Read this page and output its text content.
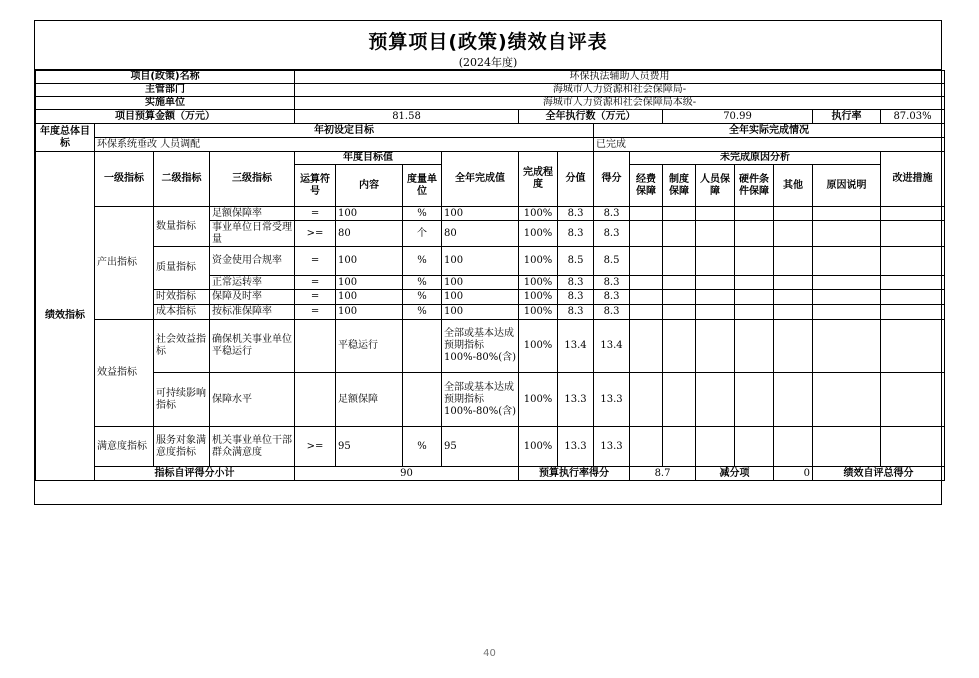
预算项目(政策)绩效自评表
(2024年度)
项目(政策)名称				环保执法辅助人员费用														
主管部门				海城市人力资源和社会保障局-														
实施单位				海城市人力资源和社会保障局本级-														
项目预算金额（万元）				81.58				全年执行数（万元）				70.99				执行率	87.03%	
年度总体目标	年初设定目标									全年实际完成情况								
	环保系统垂改 人员调配									已完成								
绩效指标	一级指标	二级指标	三级指标	年度目标值			全年完成值	完成程度	分值	得分	未完成原因分析						改进措施	
				运算符号	内容	度量单位					经费保障	制度保障	人员保障	硬件条件保障	其他	原因说明		
	产出指标	数量指标	足额保障率	=	100	%	100	100%	8.3	8.3								
			事业单位日常受理量	>=	80	个	80	100%	8.3	8.3								
		质量指标	资金使用合规率	=	100	%	100	100%	8.5	8.5								
			正常运转率	=	100	%	100	100%	8.3	8.3								
		时效指标	保障及时率	=	100	%	100	100%	8.3	8.3								
		成本指标	按标准保障率	=	100	%	100	100%	8.3	8.3								
	效益指标	社会效益指标	确保机关事业单位平稳运行		平稳运行		全部或基本达成预期指标100%-80%(含)	100%	13.4	13.4								
		可持续影响指标	保障水平		足额保障		全部或基本达成预期指标100%-80%(含)	100%	13.3	13.3								
	满意度指标	服务对象满意度指标	机关事业单位干部群众满意度	>=	95	%	95	100%	13.3	13.3								
	指标自评得分小计			90				预算执行率得分			8.7		减分项		0	绩效自评总得分	
40
